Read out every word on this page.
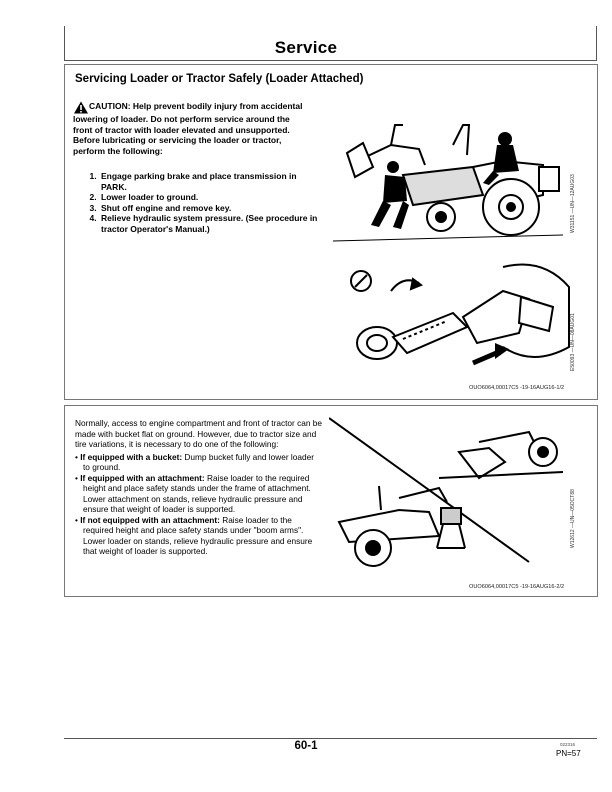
Service
Servicing Loader or Tractor Safely (Loader Attached)
CAUTION: Help prevent bodily injury from accidental lowering of loader. Do not perform service around the front of tractor with loader elevated and unsupported. Before lubricating or servicing the loader or tractor, perform the following:
1. Engage parking brake and place transmission in PARK.
2. Lower loader to ground.
3. Shut off engine and remove key.
4. Relieve hydraulic system pressure. (See procedure in tractor Operator's Manual.)	W31151 —UN—12AUG03
E50093 —UN—08AUG01
OUO6064,00017C5 -19-16AUG16-1/2

Normally, access to engine compartment and front of tractor can be made with bucket flat on ground. However, due to tractor size and tire variations, it is necessary to do one of the following:

• If equipped with a bucket: Dump bucket fully and lower loader to ground.
• If equipped with an attachment: Raise loader to the required height and place safety stands under the frame of attachment. Lower attachment on stands, relieve hydraulic pressure and ensure that weight of loader is supported.
• If not equipped with an attachment: Raise loader to the required height and place safety stands under "boom arms". Lower loader on stands, relieve hydraulic pressure and ensure that weight of loader is supported.
W12612 —UN—05OCT88
OUO6064,00017C5 -19-16AUG16-2/2
60-1	022316
PN=57
